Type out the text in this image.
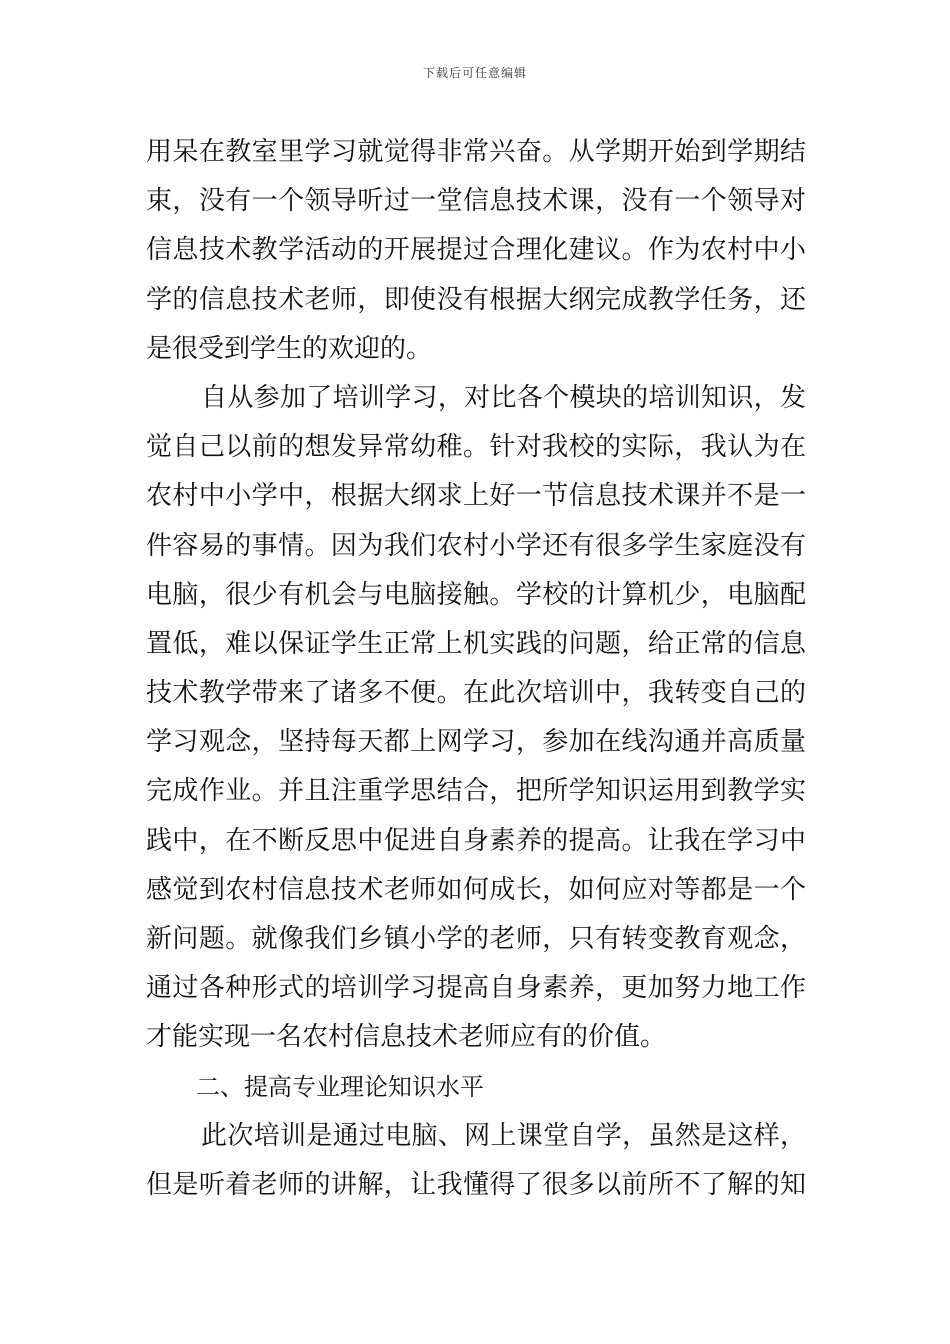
下载后可任意编辑
用呆在教室里学习就觉得非常兴奋。从学期开始到学期结
束，没有一个领导听过一堂信息技术课，没有一个领导对
信息技术教学活动的开展提过合理化建议。作为农村中小
学的信息技术老师，即使没有根据大纲完成教学任务，还
是很受到学生的欢迎的。
自从参加了培训学习，对比各个模块的培训知识，发
觉自己以前的想发异常幼稚。针对我校的实际，我认为在
农村中小学中，根据大纲求上好一节信息技术课并不是一
件容易的事情。因为我们农村小学还有很多学生家庭没有
电脑，很少有机会与电脑接触。学校的计算机少，电脑配
置低，难以保证学生正常上机实践的问题，给正常的信息
技术教学带来了诸多不便。在此次培训中，我转变自己的
学习观念，坚持每天都上网学习，参加在线沟通并高质量
完成作业。并且注重学思结合，把所学知识运用到教学实
践中，在不断反思中促进自身素养的提高。让我在学习中
感觉到农村信息技术老师如何成长，如何应对等都是一个
新问题。就像我们乡镇小学的老师，只有转变教育观念，
通过各种形式的培训学习提高自身素养，更加努力地工作
才能实现一名农村信息技术老师应有的价值。
二、提高专业理论知识水平
此次培训是通过电脑、网上课堂自学，虽然是这样，
但是听着老师的讲解，让我懂得了很多以前所不了解的知
